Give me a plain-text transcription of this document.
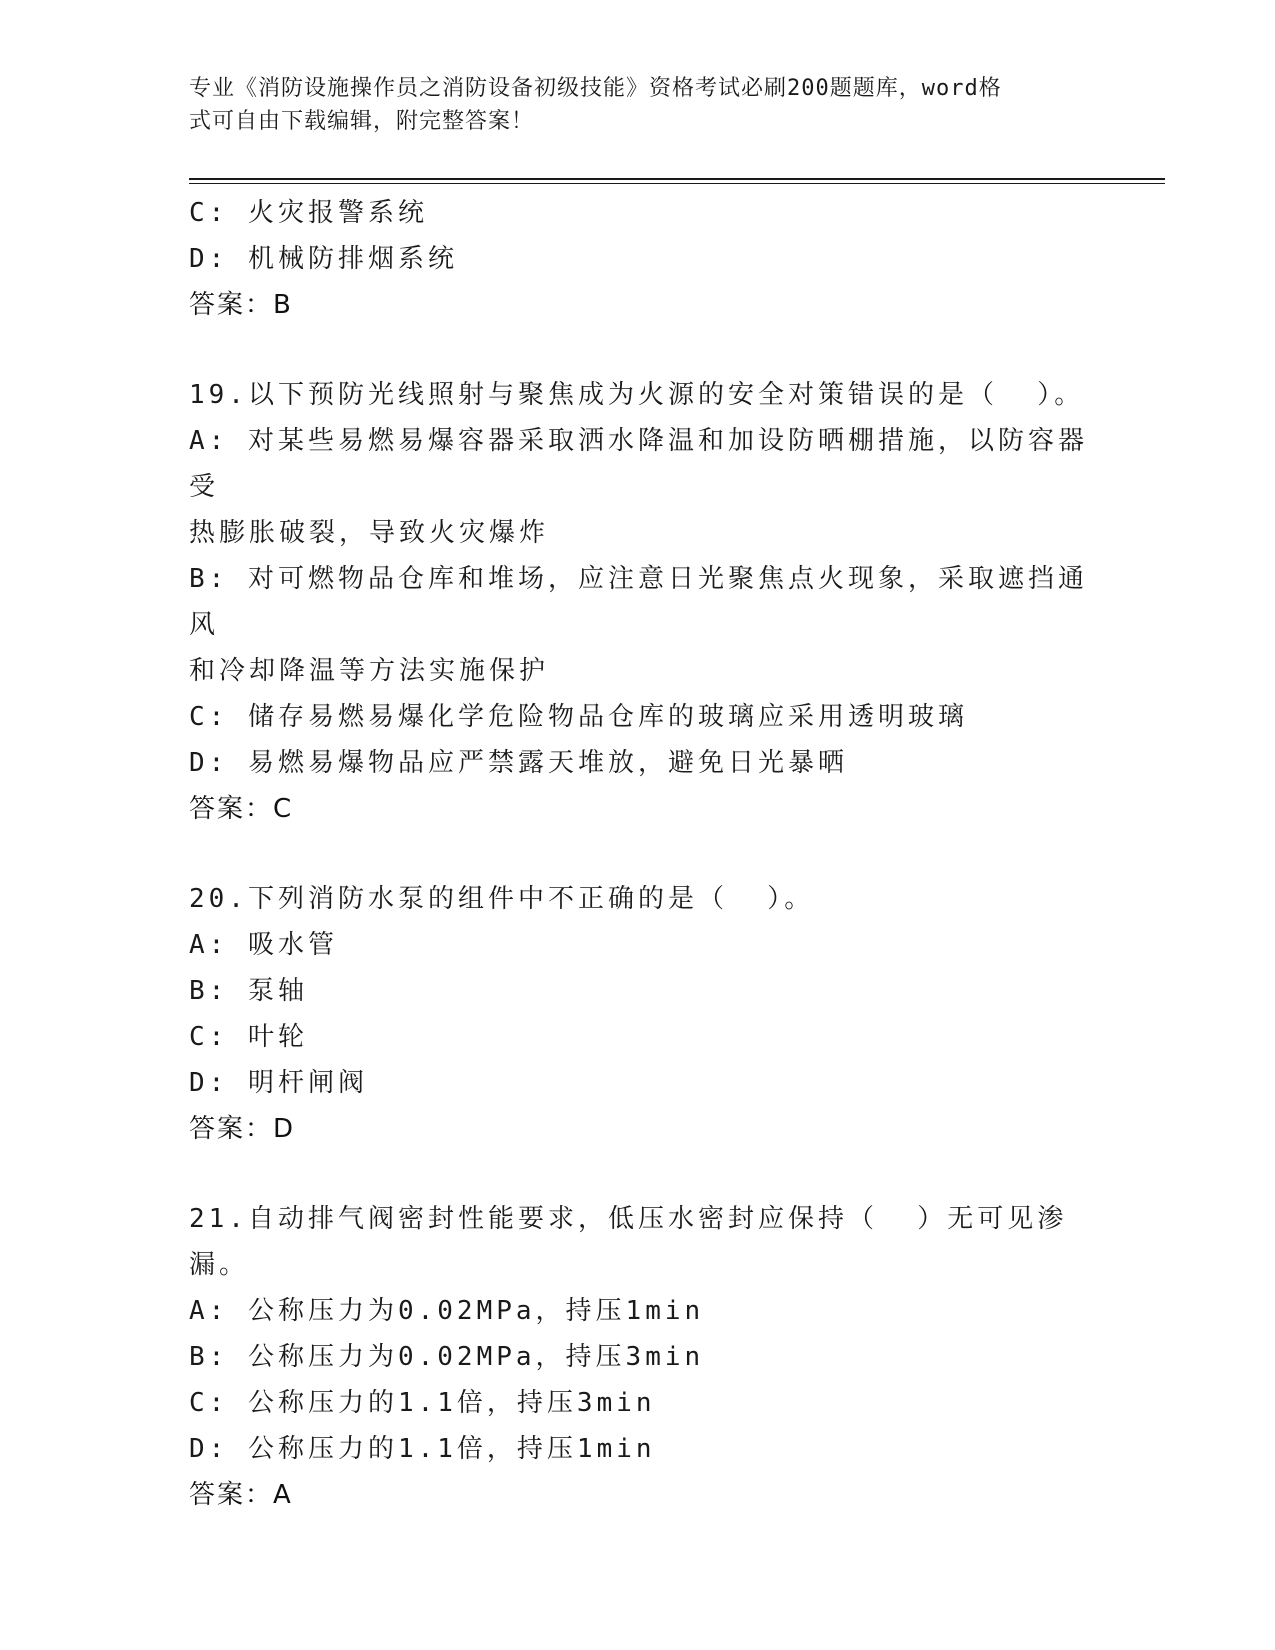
专业《消防设施操作员之消防设备初级技能》资格考试必刷200题题库，word格
式可自由下载编辑，附完整答案！
C: 火灾报警系统
D: 机械防排烟系统
答案：B
19.以下预防光线照射与聚焦成为火源的安全对策错误的是（  ）。
A: 对某些易燃易爆容器采取洒水降温和加设防晒棚措施，以防容器受
热膨胀破裂，导致火灾爆炸
B: 对可燃物品仓库和堆场，应注意日光聚焦点火现象，采取遮挡通风
和冷却降温等方法实施保护
C: 储存易燃易爆化学危险物品仓库的玻璃应采用透明玻璃
D: 易燃易爆物品应严禁露天堆放，避免日光暴晒
答案：C
20.下列消防水泵的组件中不正确的是（  ）。
A: 吸水管
B: 泵轴
C: 叶轮
D: 明杆闸阀
答案：D
21.自动排气阀密封性能要求，低压水密封应保持（  ）无可见渗漏。
A: 公称压力为0.02MPa，持压1min
B: 公称压力为0.02MPa，持压3min
C: 公称压力的1.1倍，持压3min
D: 公称压力的1.1倍，持压1min
答案：A
